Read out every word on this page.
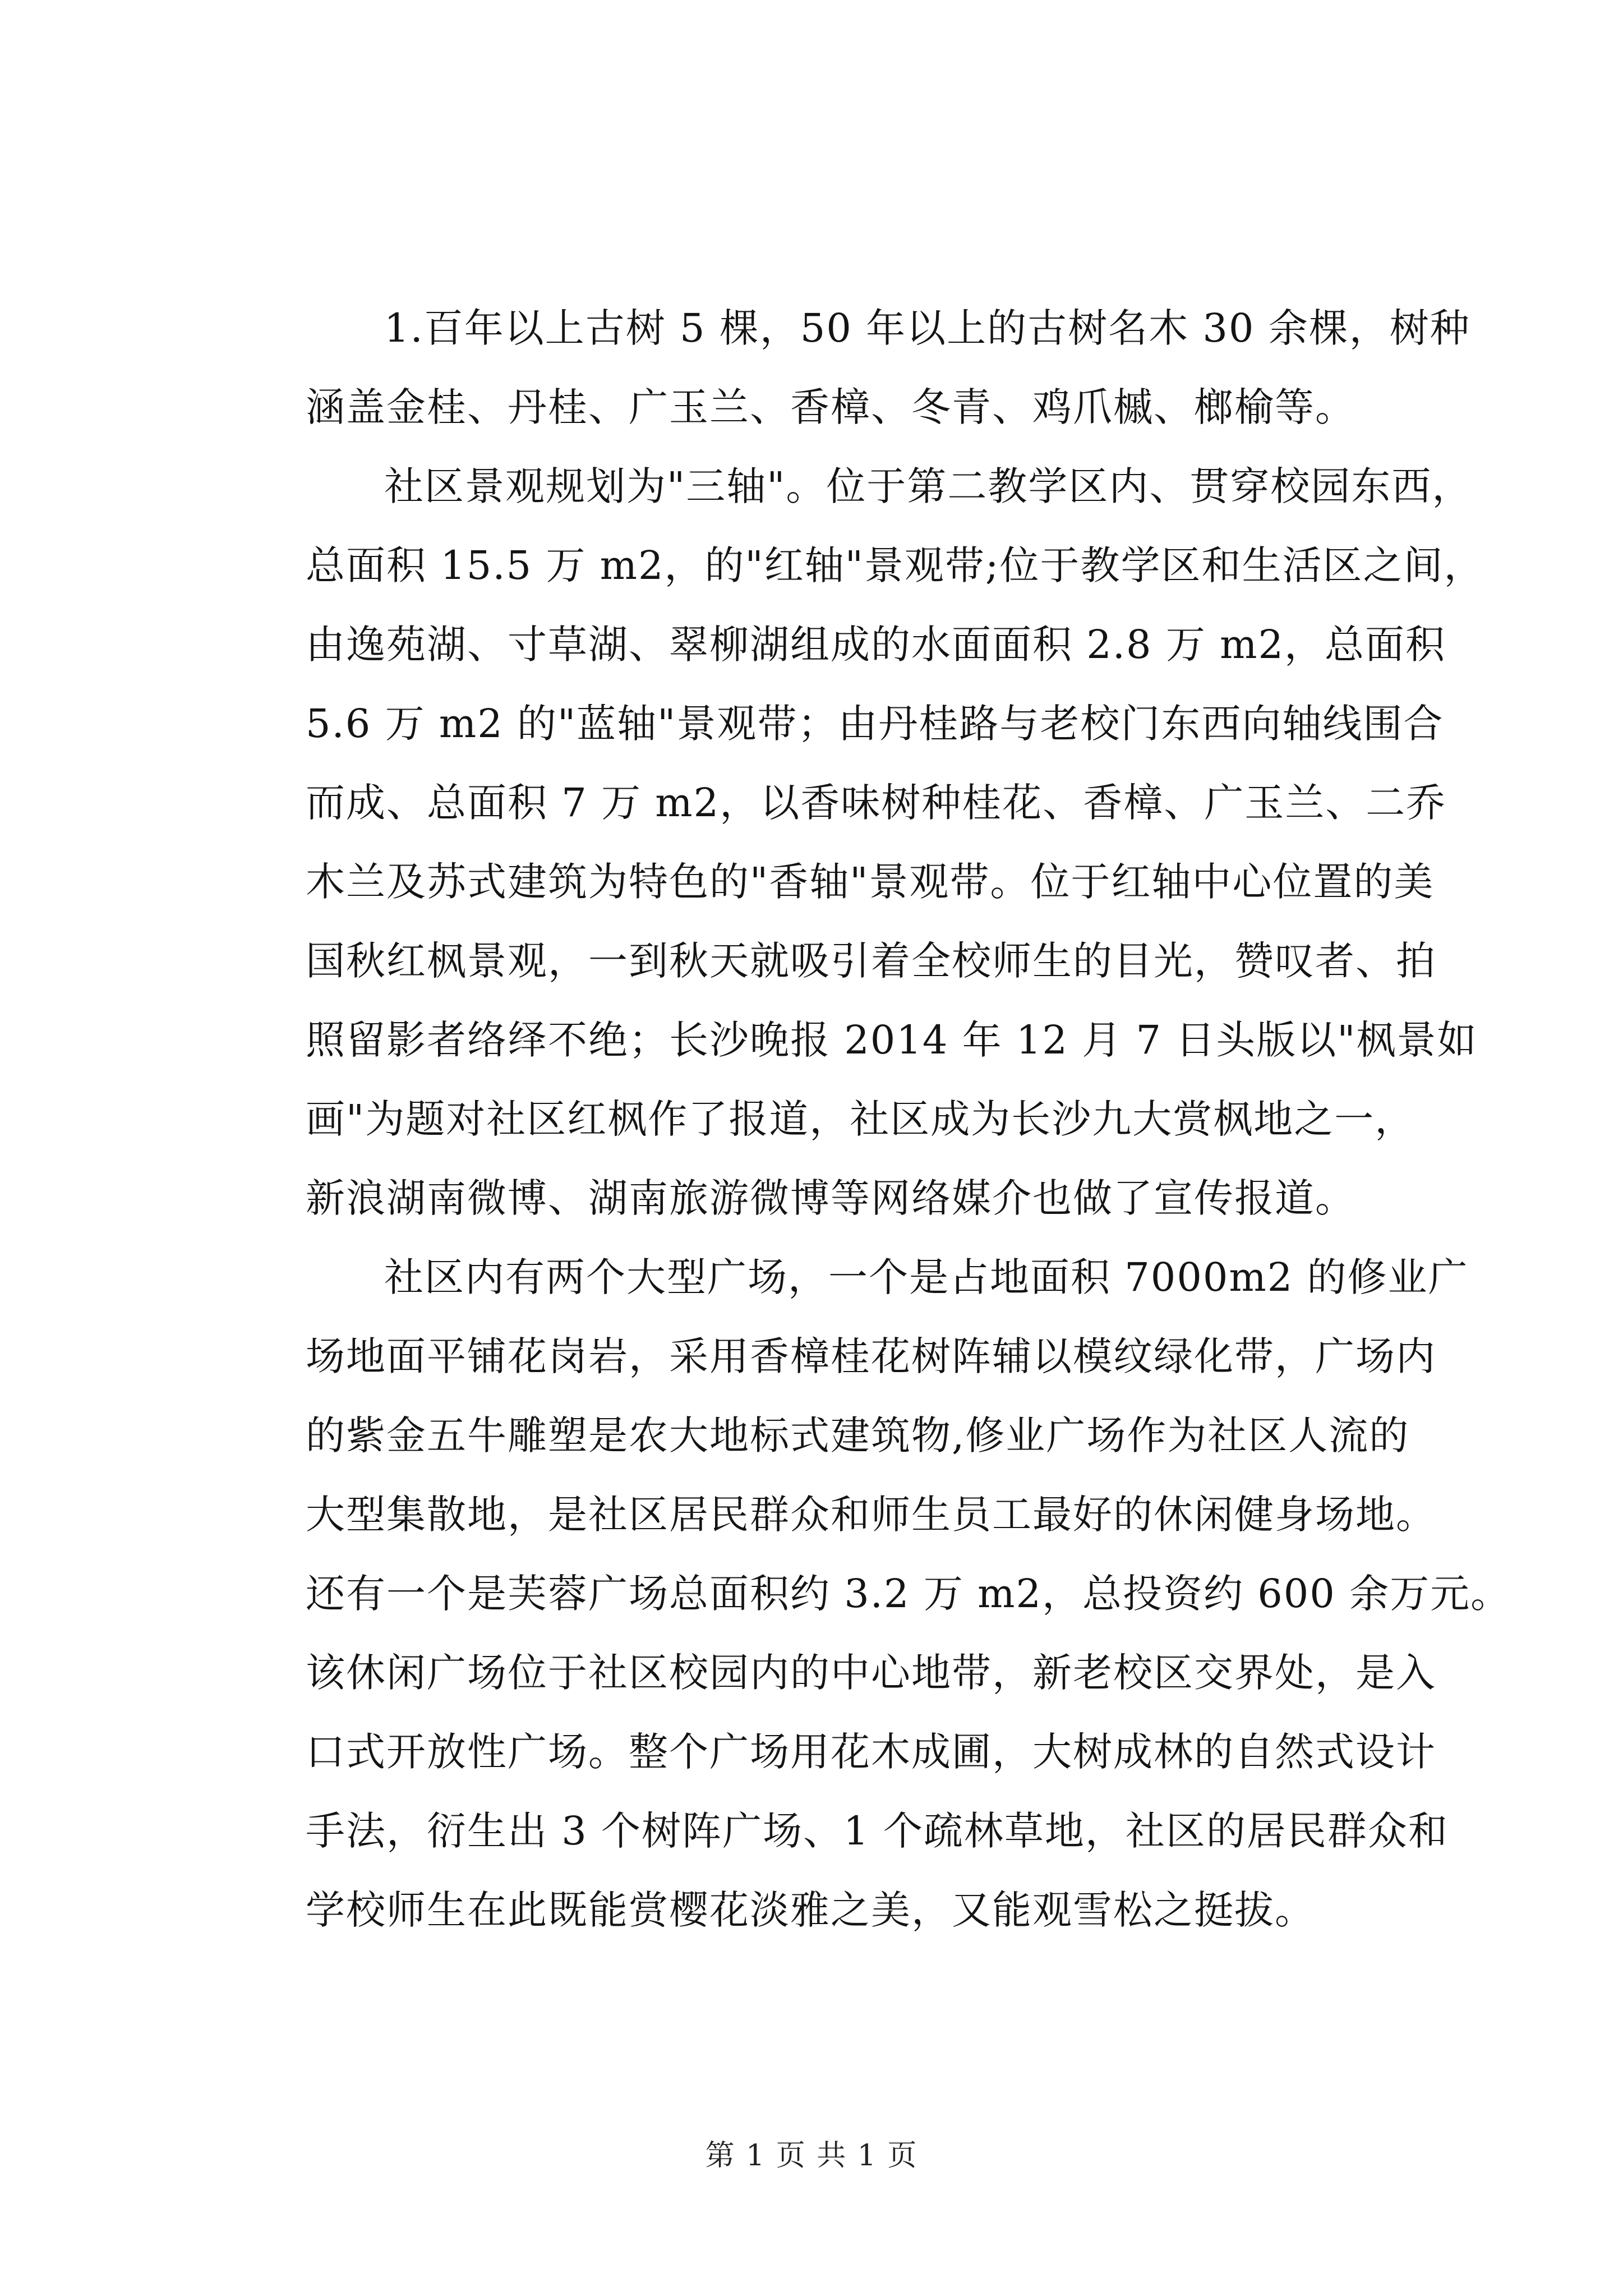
1.百年以上古树 5 棵，50 年以上的古树名木 30 余棵，树种
涵盖金桂、丹桂、广玉兰、香樟、冬青、鸡爪槭、榔榆等。
社区景观规划为"三轴"。位于第二教学区内、贯穿校园东西，
总面积 15.5 万 m2，的"红轴"景观带;位于教学区和生活区之间，
由逸苑湖、寸草湖、翠柳湖组成的水面面积 2.8 万 m2，总面积
5.6 万 m2 的"蓝轴"景观带；由丹桂路与老校门东西向轴线围合
而成、总面积 7 万 m2，以香味树种桂花、香樟、广玉兰、二乔
木兰及苏式建筑为特色的"香轴"景观带。位于红轴中心位置的美
国秋红枫景观，一到秋天就吸引着全校师生的目光，赞叹者、拍
照留影者络绎不绝；长沙晚报 2014 年 12 月 7 日头版以"枫景如
画"为题对社区红枫作了报道，社区成为长沙九大赏枫地之一，
新浪湖南微博、湖南旅游微博等网络媒介也做了宣传报道。
社区内有两个大型广场，一个是占地面积 7000m2 的修业广
场地面平铺花岗岩，采用香樟桂花树阵辅以模纹绿化带，广场内
的紫金五牛雕塑是农大地标式建筑物,修业广场作为社区人流的
大型集散地，是社区居民群众和师生员工最好的休闲健身场地。
还有一个是芙蓉广场总面积约 3.2 万 m2，总投资约 600 余万元。
该休闲广场位于社区校园内的中心地带，新老校区交界处，是入
口式开放性广场。整个广场用花木成圃，大树成林的自然式设计
手法，衍生出 3 个树阵广场、1 个疏林草地，社区的居民群众和
学校师生在此既能赏樱花淡雅之美，又能观雪松之挺拔。
第 1 页 共 1 页
